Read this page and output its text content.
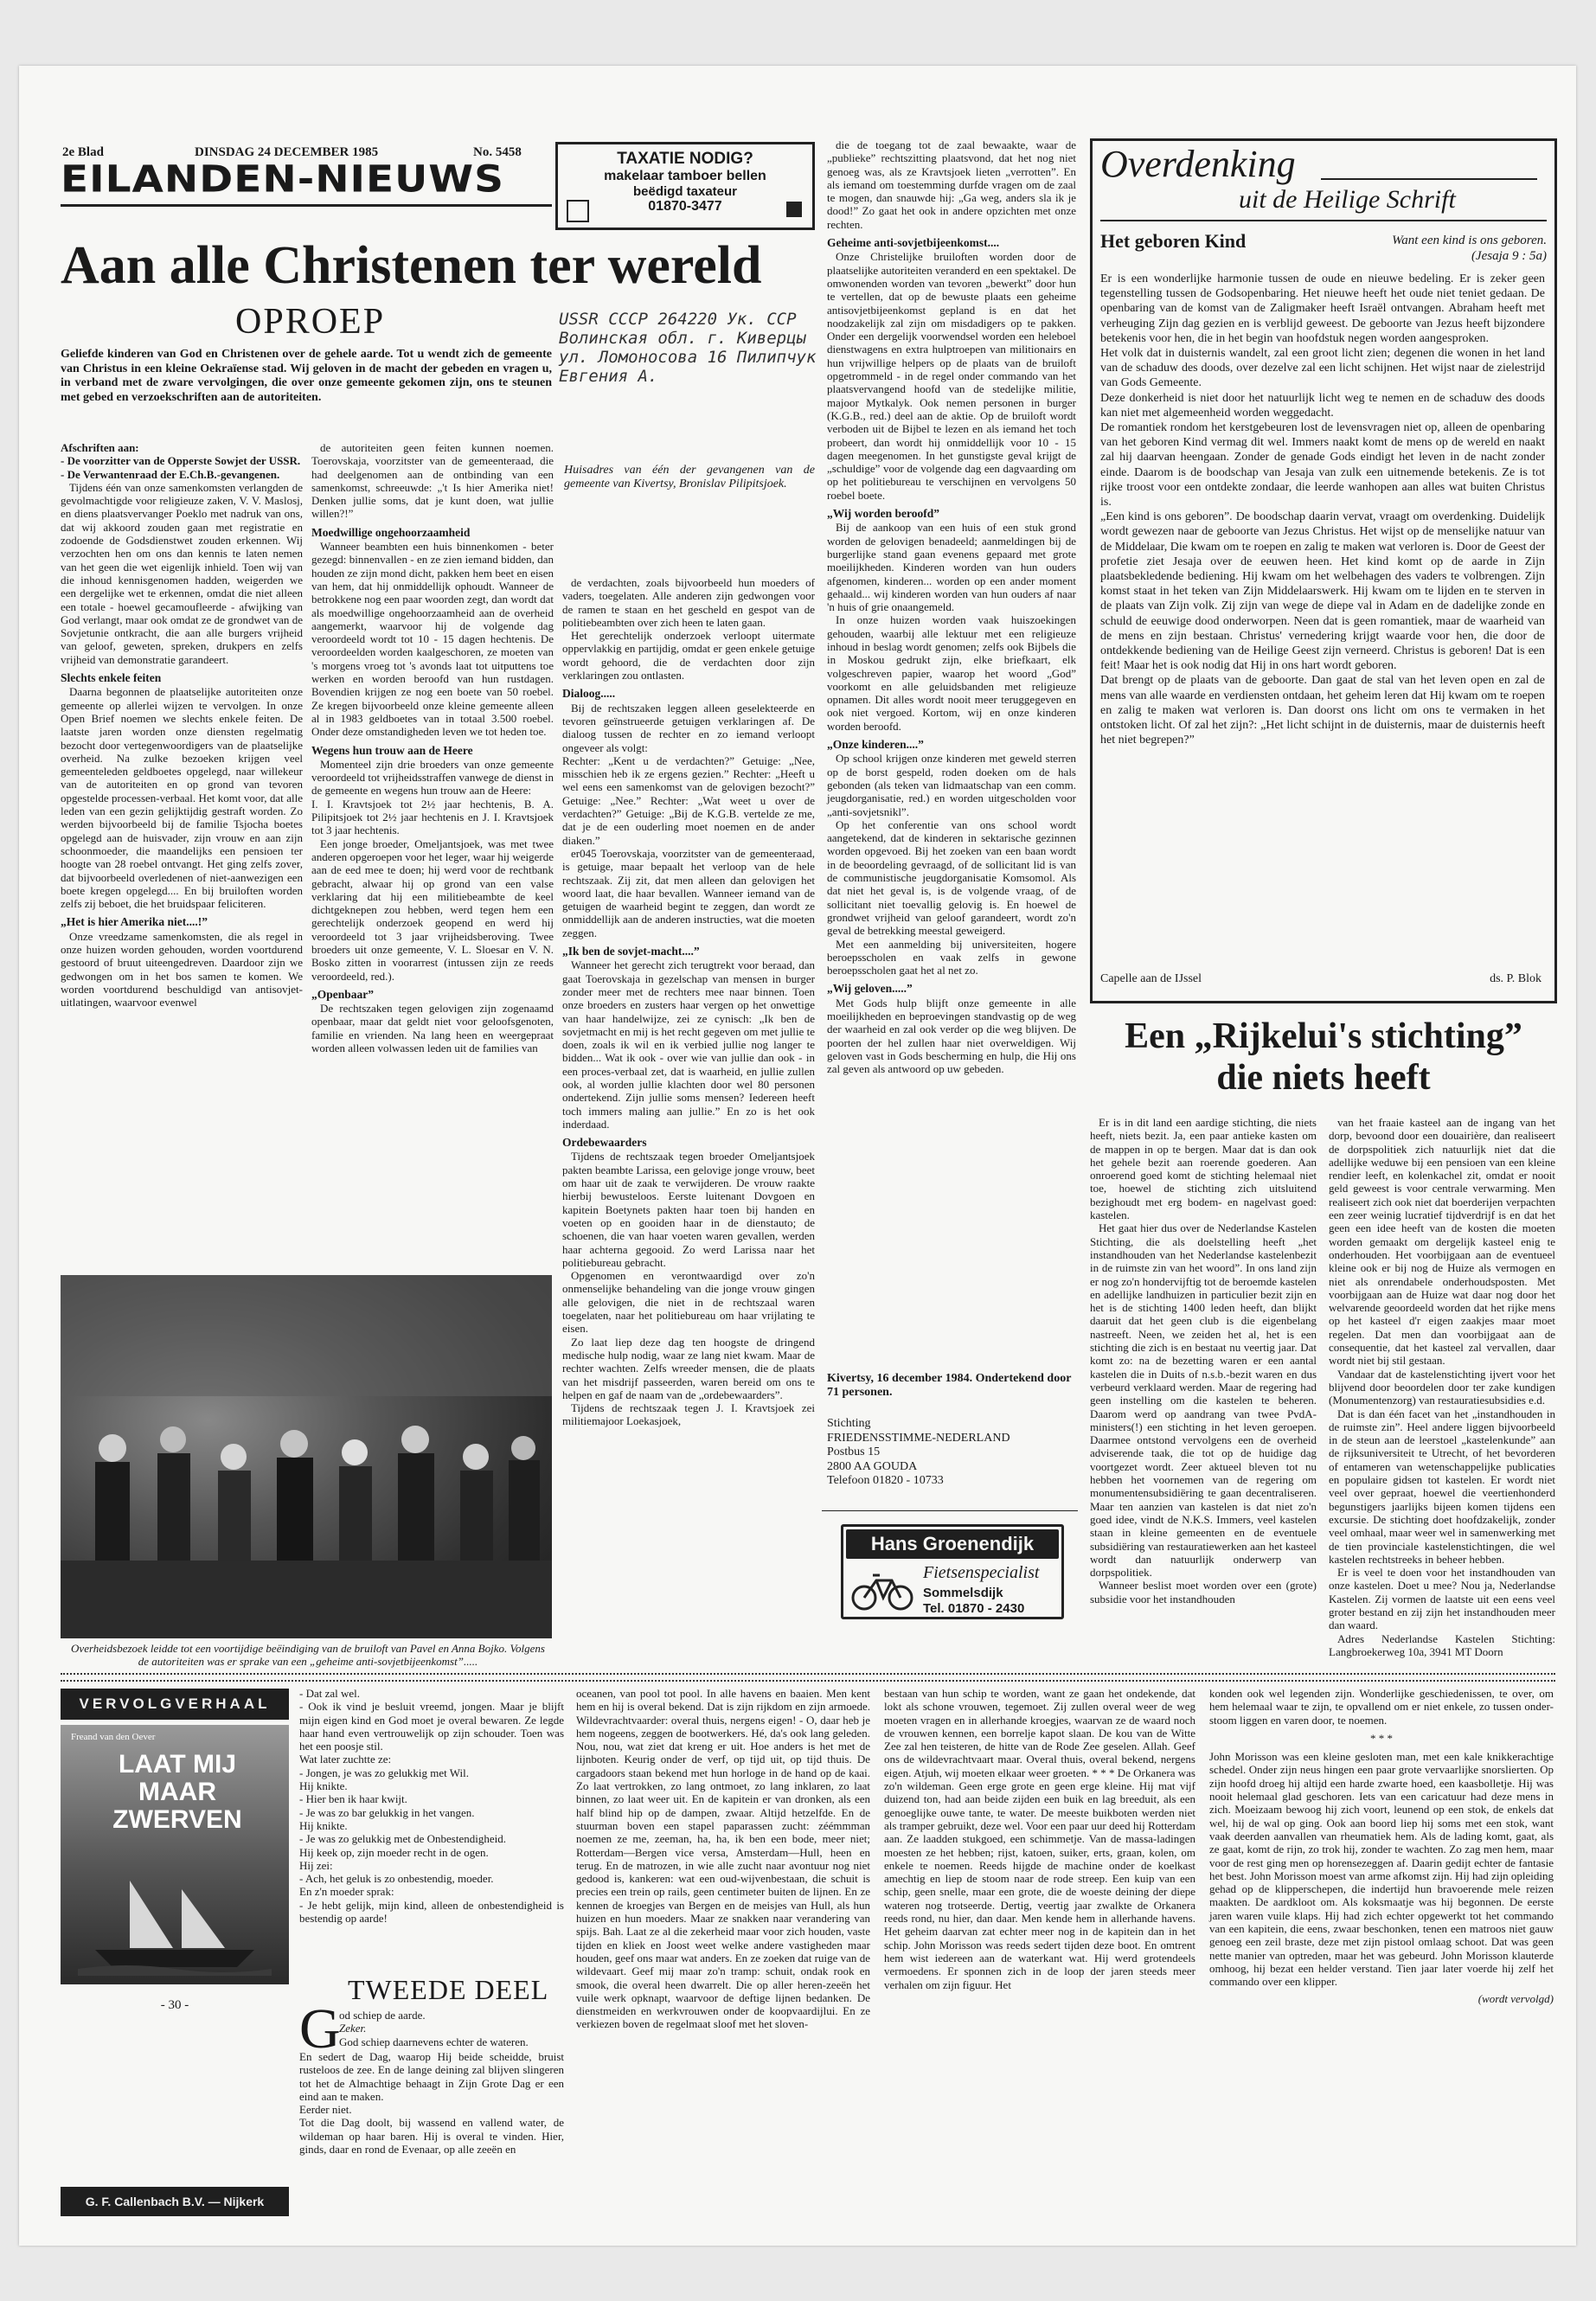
2e Blad	DINSDAG 24 DECEMBER 1985	No. 5458
EILANDEN-NIEUWS	TAXATIE NODIG?
makelaar tamboer bellen
beëdigd taxateur
01870-3477
Aan alle Christenen ter wereld
OPROEP	USSR CCCP 264220 Ук. ССР Волинская обл. г. Киверцы ул. Ломоносова 16 Пилипчук Евгения А.
Huisadres van één der gevangenen van de gemeente van Kivertsy, Bronislav Pilipitsjoek.
Geliefde kinderen van God en Christenen over de gehele aarde. Tot u wendt zich de gemeente van Christus in een kleine Oekraïense stad. Wij geloven in de macht der gebeden en vragen u, in verband met de zware vervolgingen, die over onze gemeente gekomen zijn, ons te steunen met gebed en verzoekschriften aan de autoriteiten.
Afschriften aan:
- De voorzitter van de Opperste Sowjet der USSR.
- De Verwantenraad der E.Ch.B.-gevangenen.

Tijdens één van onze samenkomsten verlangden de gevolmachtigde voor religieuze zaken, V. V. Maslosj, en diens plaatsvervanger Poeklo met nadruk van ons, dat wij akkoord zouden gaan met registratie en zodoende de Godsdienstwet zouden erkennen. Wij verzochten hen om ons dan kennis te laten nemen van het geen die wet eigenlijk inhield. Toen wij van die inhoud kennisgenomen hadden, weigerden we een dergelijke wet te erkennen, omdat die niet alleen een totale - hoewel gecamoufleerde - afwijking van God verlangt, maar ook omdat ze de grondwet van de Sovjetunie ontkracht, die aan alle burgers vrijheid van geloof, geweten, spreken, drukpers en zelfs vrijheid van demonstratie garandeert.

Slechts enkele feiten

Daarna begonnen de plaatselijke autoriteiten onze gemeente op allerlei wijzen te vervolgen. In onze Open Brief noemen we slechts enkele feiten. De laatste jaren worden onze diensten regelmatig bezocht door vertegenwoordigers van de plaatselijke overheid. Na zulke bezoeken krijgen veel gemeenteleden geldboetes opgelegd, naar willekeur van de autoriteiten en op grond van tevoren opgestelde processen-verbaal. Het komt voor, dat alle leden van een gezin gelijktijdig gestraft worden. Zo werden bijvoorbeeld bij de familie Tsjocha boetes opgelegd aan de huisvader, zijn vrouw en aan zijn schoonmoeder, die maandelijks een pensioen ter hoogte van 28 roebel ontvangt. Het ging zelfs zover, dat bijvoorbeeld overledenen of niet-aanwezigen een boete kregen opgelegd.... En bij bruiloften worden zelfs zij beboet, die het bruidspaar feliciteren.

„Het is hier Amerika niet....!”

Onze vreedzame samenkomsten, die als regel in onze huizen worden gehouden, worden voortdurend gestoord of bruut uiteengedreven. Daardoor zijn we gedwongen om in het bos samen te komen. We worden voortdurend beschuldigd van antisovjet-uitlatingen, waarvoor evenwel

de autoriteiten geen feiten kunnen noemen. Toerovskaja, voorzitster van de gemeenteraad, die had deelgenomen aan de ontbinding van een samenkomst, schreeuwde: „'t Is hier Amerika niet! Denken jullie soms, dat je kunt doen, wat jullie willen?!”

Moedwillige ongehoorzaamheid

Wanneer beambten een huis binnenkomen - beter gezegd: binnenvallen - en ze zien iemand bidden, dan houden ze zijn mond dicht, pakken hem beet en eisen van hem, dat hij onmiddellijk ophoudt. Wanneer de betrokkene nog een paar woorden zegt, dan wordt dat als moedwillige ongehoorzaamheid aan de overheid aangemerkt, waarvoor hij de volgende dag veroordeeld wordt tot 10 - 15 dagen hechtenis. De veroordeelden worden kaalgeschoren, ze moeten van 's morgens vroeg tot 's avonds laat tot uitputtens toe werken en worden beroofd van hun rustdagen. Bovendien krijgen ze nog een boete van 50 roebel. Ze kregen bijvoorbeeld onze kleine gemeente alleen al in 1983 geldboetes van in totaal 3.500 roebel. Onder deze omstandigheden leven we tot heden toe.

Wegens hun trouw aan de Heere

Momenteel zijn drie broeders van onze gemeente veroordeeld tot vrijheidsstraffen vanwege de dienst in de gemeente en wegens hun trouw aan de Heere:

I. I. Kravtsjoek tot 2½ jaar hechtenis, B. A. Pilipitsjoek tot 2½ jaar hechtenis en J. I. Kravtsjoek tot 3 jaar hechtenis.

Een jonge broeder, Omeljantsjoek, was met twee anderen opgeroepen voor het leger, waar hij weigerde aan de eed mee te doen; hij werd voor de rechtbank gebracht, alwaar hij op grond van een valse verklaring dat hij een militiebeambte de keel dichtgeknepen zou hebben, werd tegen hem een gerechtelijk onderzoek geopend en werd hij veroordeeld tot 3 jaar vrijheidsberoving. Twee broeders uit onze gemeente, V. L. Sloesar en V. N. Bosko zitten in voorarrest (intussen zijn ze reeds veroordeeld, red.).

„Openbaar”

De rechtszaken tegen gelovigen zijn zogenaamd openbaar, maar dat geldt niet voor geloofsgenoten, familie en vrienden. Na lang heen en weergepraat worden alleen volwassen leden uit de families van

de verdachten, zoals bijvoorbeeld hun moeders of vaders, toegelaten. Alle anderen zijn gedwongen voor de ramen te staan en het gescheld en gespot van de politiebeambten over zich heen te laten gaan.

Het gerechtelijk onderzoek verloopt uitermate oppervlakkig en partijdig, omdat er geen enkele getuige wordt gehoord, die de verdachten door zijn verklaringen zou ontlasten.

Dialoog.....

Bij de rechtszaken leggen alleen geselekteerde en tevoren geïnstrueerde getuigen verklaringen af. De dialoog tussen de rechter en zo iemand verloopt ongeveer als volgt:

Rechter: „Kent u de verdachten?” Getuige: „Nee, misschien heb ik ze ergens gezien.” Rechter: „Heeft u wel eens een samenkomst van de gelovigen bezocht?” Getuige: „Nee.” Rechter: „Wat weet u over de verdachten?” Getuige: „Bij de K.G.B. vertelde ze me, dat je de een ouderling moet noemen en de ander diaken.”

er045 Toerovskaja, voorzitster van de gemeenteraad, is getuige, maar bepaalt het verloop van de hele rechtszaak. Zij zit, dat men alleen dan gelovigen het woord laat, die haar bevallen. Wanneer iemand van de getuigen de waarheid begint te zeggen, dan wordt ze onmiddellijk aan de anderen instructies, wat die moeten zeggen.

„Ik ben de sovjet-macht....”

Wanneer het gerecht zich terugtrekt voor beraad, dan gaat Toerovskaja in gezelschap van mensen in burger zonder meer met de rechters mee naar binnen. Toen onze broeders en zusters haar vergen op het onwettige van haar handelwijze, zei ze cynisch: „Ik ben de sovjetmacht en mij is het recht gegeven om met jullie te doen, zoals ik wil en ik verbied jullie nog langer te bidden... Wat ik ook - over wie van jullie dan ook - in een proces-verbaal zet, dat is waarheid, en jullie zullen ook, al worden jullie klachten door wel 80 personen ondertekend. Zijn jullie soms mensen? Iedereen heeft toch immers maling aan jullie.” En zo is het ook inderdaad.

Ordebewaarders

Tijdens de rechtszaak tegen broeder Omeljantsjoek pakten beambte Larissa, een gelovige jonge vrouw, beet om haar uit de zaak te verwijderen. De vrouw raakte hierbij bewusteloos. Eerste luitenant Dovgoen en kapitein Boetynets pakten haar toen bij handen en voeten op en gooiden haar in de dienstauto; de schoenen, die van haar voeten waren gevallen, werden haar achterna gegooid. Zo werd Larissa naar het politiebureau gebracht.

Opgenomen en verontwaardigd over zo'n onmenselijke behandeling van die jonge vrouw gingen alle gelovigen, die niet in de rechtszaal waren toegelaten, naar het politiebureau om haar vrijlating te eisen.

Zo laat liep deze dag ten hoogste de dringend medische hulp nodig, waar ze lang niet kwam. Maar de rechter wachten. Zelfs wreeder mensen, die de plaats van het misdrijf passeerden, waren bereid om ons te helpen en gaf de naam van de „ordebewaarders”.

Tijdens de rechtszaak tegen J. I. Kravtsjoek zei militiemajoor Loekasjoek,

Overheidsbezoek leidde tot een voortijdige beëindiging van de bruiloft van Pavel en Anna Bojko. Volgens de autoriteiten was er sprake van een „geheime anti-sovjetbijeenkomst”.....

die de toegang tot de zaal bewaakte, waar de „publieke” rechtszitting plaatsvond, dat het nog niet genoeg was, als ze Kravtsjoek lieten „verrotten”. En als iemand om toestemming durfde vragen om de zaal te mogen, dan snauwde hij: „Ga weg, anders sla ik je dood!” Zo gaat het ook in andere opzichten met onze rechten.

Geheime anti-sovjetbijeenkomst....

Onze Christelijke bruiloften worden door de plaatselijke autoriteiten veranderd en een spektakel. De omwonenden worden van tevoren „bewerkt” door hun te vertellen, dat op de bewuste plaats een geheime antisovjetbijeenkomst gepland is en dat het noodzakelijk zal zijn om misdadigers op te pakken. Onder een dergelijk voorwendsel worden een heleboel dienstwagens en extra hulptroepen van militionairs en hun vrijwillige helpers op de plaats van de bruiloft opgetrommeld - in de regel onder commando van het plaatsvervangend hoofd van de stedelijke militie, majoor Mytkalyk. Ook nemen personen in burger (K.G.B., red.) deel aan de aktie. Op de bruiloft wordt verboden uit de Bijbel te lezen en als iemand het toch probeert, dan wordt hij onmiddellijk voor 10 - 15 dagen meegenomen. In het gunstigste geval krijgt de „schuldige” voor de volgende dag een dagvaarding om op het politiebureau te verschijnen en vervolgens 50 roebel boete.

„Wij worden beroofd”

Bij de aankoop van een huis of een stuk grond worden de gelovigen benadeeld; aanmeldingen bij de burgerlijke stand gaan evenens gepaard met grote moeilijkheden. Kinderen worden van hun ouders afgenomen, kinderen... worden op een ander moment gehaald... wij kinderen worden van hun ouders af naar 'n huis of grie onaangemeld.

In onze huizen worden vaak huiszoekingen gehouden, waarbij alle lektuur met een religieuze inhoud in beslag wordt genomen; zelfs ook Bijbels die in Moskou gedrukt zijn, elke briefkaart, elk volgeschreven papier, waarop het woord „God” voorkomt en alle geluidsbanden met religieuze opnamen. Dit alles wordt nooit meer teruggegeven en ook niet vergoed. Kortom, wij en onze kinderen worden beroofd.

„Onze kinderen....”

Op school krijgen onze kinderen met geweld sterren op de borst gespeld, roden doeken om de hals gebonden (als teken van lidmaatschap van een comm. jeugdorganisatie, red.) en worden uitgescholden voor „anti-sovjetsnikl”.

Op het conferentie van ons school wordt aangetekend, dat de kinderen in sektarische gezinnen worden opgevoed. Bij het zoeken van een baan wordt in de beoordeling gevraagd, of de sollicitant lid is van de communistische jeugdorganisatie Komsomol. Als dat niet het geval is, is de volgende vraag, of de sollicitant niet toevallig gelovig is. En hoewel de grondwet vrijheid van geloof garandeert, wordt zo'n geval de betrekking meestal geweigerd.

Met een aanmelding bij universiteiten, hogere beroepsscholen en vaak zelfs in gewone beroepsscholen gaat het al net zo.

„Wij geloven.....”

Met Gods hulp blijft onze gemeente in alle moeilijkheden en beproevingen standvastig op de weg der waarheid en zal ook verder op die weg blijven. De poorten der hel zullen haar niet overweldigen. Wij geloven vast in Gods bescherming en hulp, die Hij ons zal geven als antwoord op uw gebeden.

Kivertsy, 16 december 1984. Ondertekend door 71 personen.
Stichting
FRIEDENSSTIMME-NEDERLAND
Postbus 15
2800 AA GOUDA
Telefoon 01820 - 10733
Hans Groenendijk
Fietsenspecialist
Sommelsdijk
Tel. 01870 - 2430
Overdenking
uit de Heilige Schrift
Het geboren Kind	Want een kind is ons geboren.
(Jesaja 9 : 5a)
Er is een wonderlijke harmonie tussen de oude en nieuwe bedeling. Er is zeker geen tegenstelling tussen de Godsopenbaring. Het nieuwe heeft het oude niet teniet gedaan. De openbaring van de komst van de Zaligmaker heeft Israël ontvangen. Abraham heeft met verheuging Zijn dag gezien en is verblijd geweest. De geboorte van Jezus heeft bijzondere betekenis voor hen, die in het begin van hoofdstuk negen worden aangesproken.
Het volk dat in duisternis wandelt, zal een groot licht zien; degenen die wonen in het land van de schaduw des doods, over dezelve zal een licht schijnen. Het wijst naar de zielestrijd van Gods Gemeente.
Deze donkerheid is niet door het natuurlijk licht weg te nemen en de schaduw des doods kan niet met algemeenheid worden weggedacht.
De romantiek rondom het kerstgebeuren lost de levensvragen niet op, alleen de openbaring van het geboren Kind vermag dit wel. Immers naakt komt de mens op de wereld en naakt zal hij daarvan heengaan. Zonder de genade Gods eindigt het leven in de nacht zonder einde. Daarom is de boodschap van Jesaja van zulk een uitnemende betekenis. Ze is tot rijke troost voor een ontdekte zondaar, die leerde wanhopen aan alles wat buiten Christus is.
„Een kind is ons geboren”. De boodschap daarin vervat, vraagt om overdenking. Duidelijk wordt gewezen naar de geboorte van Jezus Christus. Het wijst op de menselijke natuur van de Middelaar, Die kwam om te roepen en zalig te maken wat verloren is. Door de Geest der profetie ziet Jesaja over de eeuwen heen. Het kind komt op de aarde in Zijn plaatsbekledende bediening. Hij kwam om het welbehagen des vaders te volbrengen. Zijn komst staat in het teken van Zijn Middelaarswerk. Hij kwam om te lijden en te sterven in de plaats van Zijn volk. Zij zijn van wege de diepe val in Adam en de dadelijke zonde en schuld de eeuwige dood onderworpen. Neen dat is geen romantiek, maar de waarheid van de mens en zijn bestaan. Christus' vernedering krijgt waarde voor hen, die door de ontdekkende bediening van de Heilige Geest zijn verneerd. Christus is geboren! Dat is een feit! Maar het is ook nodig dat Hij in ons hart wordt geboren.
Dat brengt op de plaats van de geboorte. Dan gaat de stal van het leven open en zal de mens van alle waarde en verdiensten ontdaan, het geheim leren dat Hij kwam om te roepen en zalig te maken wat verloren is. Dan doorst ons licht om ons te vermaken in het ontstoken licht. Of zal het zijn?: „Het licht schijnt in de duisternis, maar de duisternis heeft het niet begrepen?”
Capelle aan de IJssel	ds. P. Blok
Een „Rijkelui's stichting”
die niets heeft

Er is in dit land een aardige stichting, die niets heeft, niets bezit. Ja, een paar antieke kasten om de mappen in op te bergen. Maar dat is dan ook het gehele bezit aan roerende goederen. Aan onroerend goed komt de stichting helemaal niet toe, hoewel de stichting zich uitsluitend bezighoudt met erg bodem- en nagelvast goed: kastelen.

Het gaat hier dus over de Nederlandse Kastelen Stichting, die als doelstelling heeft „het instandhouden van het Nederlandse kastelenbezit in de ruimste zin van het woord”. In ons land zijn er nog zo'n hondervijftig tot de beroemde kastelen en adellijke landhuizen in particulier bezit zijn en het is de stichting 1400 leden heeft, dan blijkt daaruit dat het geen club is die eigenbelang nastreeft. Neen, we zeiden het al, het is een stichting die zich is en bestaat nu veertig jaar. Dat komt zo: na de bezetting waren er een aantal kastelen die in Duits of n.s.b.-bezit waren en dus verbeurd verklaard werden. Maar de regering had geen instelling om die kastelen te beheren. Daarom werd op aandrang van twee PvdA-ministers(!) een stichting in het leven geroepen. Daarmee ontstond vervolgens een de overheid adviserende taak, die tot op de huidige dag voortgezet wordt. Zeer aktueel bleven tot nu hebben het voornemen van de regering om monumentensubsidiëring te gaan decentraliseren. Maar ten aanzien van kastelen is dat niet zo'n goed idee, vindt de N.K.S. Immers, veel kastelen staan in kleine gemeenten en de eventuele subsidiëring van restauratiewerken aan het kasteel wordt dan natuurlijk onderwerp van dorpspolitiek.

Wanneer beslist moet worden over een (grote) subsidie voor het instandhouden

van het fraaie kasteel aan de ingang van het dorp, bevoond door een douairière, dan realiseert de dorpspolitiek zich natuurlijk niet dat die adellijke weduwe bij een pensioen van een kleine rendier leeft, en kolenkachel zit, omdat er nooit geld geweest is voor centrale verwarming. Men realiseert zich ook niet dat boerderijen verpachten een zeer weinig lucratief tijdverdrijf is en dat het geen een idee heeft van de kosten die moeten worden gemaakt om dergelijk kasteel enig te onderhouden. Het voorbijgaan aan de eventueel kleine ook er bij nog de Huize als vermogen en niet als onrendabele onderhoudsposten. Met voorbijgaan aan de Huize wat daar nog door het welvarende geoordeeld worden dat het rijke mens op het kasteel d'r eigen zaakjes maar moet regelen. Dat men dan voorbijgaat aan de consequentie, dat het kasteel zal vervallen, daar wordt niet bij stil gestaan.

Vandaar dat de kastelenstichting ijvert voor het blijvend door beoordelen door ter zake kundigen (Monumentenzorg) van restauratiesubsidies e.d.

Dat is dan één facet van het „instandhouden in de ruimste zin”. Heel andere liggen bijvoorbeeld in de steun aan de leerstoel „kastelenkunde” aan de rijksuniversiteit te Utrecht, of het bevorderen of entameren van wetenschappelijke publicaties en populaire gidsen tot kastelen. Er wordt niet veel over gepraat, hoewel die veertienhonderd begunstigers jaarlijks bijeen komen tijdens een excursie. De stichting doet hoofdzakelijk, zonder veel omhaal, maar weer wel in samenwerking met de tien provinciale kastelenstichtingen, die wel kastelen rechtstreeks in beheer hebben.

Er is veel te doen voor het instandhouden van onze kastelen. Doet u mee? Nou ja, Nederlandse Kastelen. Zij vormen de laatste uit een eens veel groter bestand en zij zijn het instandhouden meer dan waard.

Adres Nederlandse Kastelen Stichting: Langbroekerweg 10a, 3941 MT Doorn

VERVOLGVERHAAL
Freand van den Oever
LAAT MIJ MAAR ZWERVEN
- 30 -
G. F. Callenbach B.V. — Nijkerk
- Dat zal wel.
- Ook ik vind je besluit vreemd, jongen. Maar je blijft mijn eigen kind en God moet je overal bewaren. Ze legde haar hand even vertrouwelijk op zijn schouder. Toen was het een poosje stil.
Wat later zuchtte ze:
- Jongen, je was zo gelukkig met Wil.
Hij knikte.
- Hier ben ik haar kwijt.
- Je was zo bar gelukkig in het vangen.
Hij knikte.
- Je was zo gelukkig met de Onbestendigheid.
Hij keek op, zijn moeder recht in de ogen.
Hij zei:
- Ach, het geluk is zo onbestendig, moeder.
En z'n moeder sprak:
- Je hebt gelijk, mijn kind, alleen de onbestendigheid is bestendig op aarde!
TWEEDE DEEL
G
od schiep de aarde.
Zeker.
God schiep daarnevens echter de wateren.
En sedert de Dag, waarop Hij beide scheidde, bruist rusteloos de zee. En de lange deining zal blijven slingeren tot het de Almachtige behaagt in Zijn Grote Dag er een eind aan te maken.
Eerder niet.
Tot die Dag doolt, bij wassend en vallend water, de wildeman op haar baren. Hij is overal te vinden. Hier, ginds, daar en rond de Evenaar, op alle zeeën en
oceanen, van pool tot pool. In alle havens en baaien. Men kent hem en hij is overal bekend. Dat is zijn rijkdom en zijn armoede. Wildevrachtvaarder: overal thuis, nergens eigen! - O, daar heb je hem nogeens, zeggen de bootwerkers. Hé, da's ook lang geleden. Nou, nou, wat ziet dat kreng er uit. Hoe anders is het met de lijnboten. Keurig onder de verf, op tijd uit, op tijd thuis. De cargadoors staan bekend met hun horloge in de hand op de kaai. Zo laat vertrokken, zo lang ontmoet, zo lang inklaren, zo laat binnen, zo laat weer uit. En de kapitein er van dronken, als een half blind hip op de dampen, zwaar. Altijd hetzelfde. En de stuurman boven een stapel paparassen zucht: zéémmman noemen ze me, zeeman, ha, ha, ik ben een bode, meer niet; Rotterdam—Bergen vice versa, Amsterdam—Hull, heen en terug. En de matrozen, in wie alle zucht naar avontuur nog niet gedood is, kankeren: wat een oud-wijvenbestaan, die schuit is precies een trein op rails, geen centimeter buiten de lijnen. En ze kennen de kroegjes van Bergen en de meisjes van Hull, als hun huizen en hun moeders. Maar ze snakken naar verandering van spijs. Bah. Laat ze al die zekerheid maar voor zich houden, vaste tijden en kliek en Joost weet welke andere vastigheden maar houden, geef ons maar wat anders. En ze zoeken dat ruige van de wildevaart. Geef mij maar zo'n tramp: schuit, ondak rook en smook, die overal heen dwarrelt. Die op aller heren-zeeën het vuile werk opknapt, waarvoor de deftige lijnen bedanken. De dienstmeiden en werkvrouwen onder de koopvaardijlui. En ze verkiezen boven de regelmaat sloof met het sloven-
bestaan van hun schip te worden, want ze gaan het ondekende, dat lokt als schone vrouwen, tegemoet. Zij zullen overal weer de weg moeten vragen en in allerhande kroegjes, waarvan ze de waard noch de vrouwen kennen, een borrelje kapot slaan. De kou van de Witte Zee zal hen teisteren, de hitte van de Rode Zee geselen. Allah. Geef ons de wildevrachtvaart maar. Overal thuis, overal bekend, nergens eigen. Atjuh, wij moeten elkaar weer groeten. * * * De Orkanera was zo'n wildeman. Geen erge grote en geen erge kleine. Hij mat vijf duizend ton, had aan beide zijden een buik en lag breeduit, als een genoeglijke ouwe tante, te water. De meeste buikboten werden niet als tramper gebruikt, deze wel. Voor een paar uur deed hij Rotterdam aan. Ze laadden stukgoed, een schimmetje. Van de massa-ladingen moesten ze het hebben; rijst, katoen, suiker, erts, graan, kolen, om enkele te noemen. Reeds hijgde de machine onder de koelkast amechtig en liep de stoom naar de rode streep. Een kuip van een schip, geen snelle, maar een grote, die de woeste deining der diepe wateren nog trotseerde. Dertig, veertig jaar zwalkte de Orkanera reeds rond, nu hier, dan daar. Men kende hem in allerhande havens. Het geheim daarvan zat echter meer nog in de kapitein dan in het schip. John Morisson was reeds sedert tijden deze boot. En omtrent hem wist iedereen aan de waterkant wat. Hij werd grotendeels vermoedens. Er sponnen zich in de loop der jaren steeds meer verhalen om zijn figuur. Het
konden ook wel legenden zijn. Wonderlijke geschiedenissen, te over, om hem helemaal waar te zijn, te opvallend om er niet enkele, zo tussen onder-stoom liggen en varen door, te noemen.
* * *
John Morisson was een kleine gesloten man, met een kale knikkerachtige schedel. Onder zijn neus hingen een paar grote vervaarlijke snorslierten. Op zijn hoofd droeg hij altijd een harde zwarte hoed, een kaasbolletje. Hij was nooit helemaal glad geschoren. Iets van een caricatuur had deze mens in zich. Moeizaam bewoog hij zich voort, leunend op een stok, de enkels dat wel, hij de wal op ging. Ook aan boord liep hij soms met een stok, want vaak deerden aanvallen van rheumatiek hem. Als de lading komt, gaat, als ze gaat, komt de rijn, zo trok hij, zonder te wachten. Zo zag men hem, maar voor de rest ging men op horensezeggen af. Daarin gedijt echter de fantasie het best. John Morisson moest van arme afkomst zijn. Hij had zijn opleiding gehad op de klipperschepen, die indertijd hun bravoerende mele reizen maakten. De aardkloot om. Als koksmaatje was hij begonnen. De eerste jaren waren vuile klaps. Hij had zich echter opgewerkt tot het commando van een kapitein, die eens, zwaar beschonken, tenen een matroos niet gauw genoeg een zeil braste, deze met zijn pistool omlaag schoot. Dat was geen nette manier van optreden, maar het was gebeurd. John Morisson klauterde omhoog, hij bezat een helder verstand. Tien jaar later voerde hij zelf het commando over een klipper.
(wordt vervolgd)
